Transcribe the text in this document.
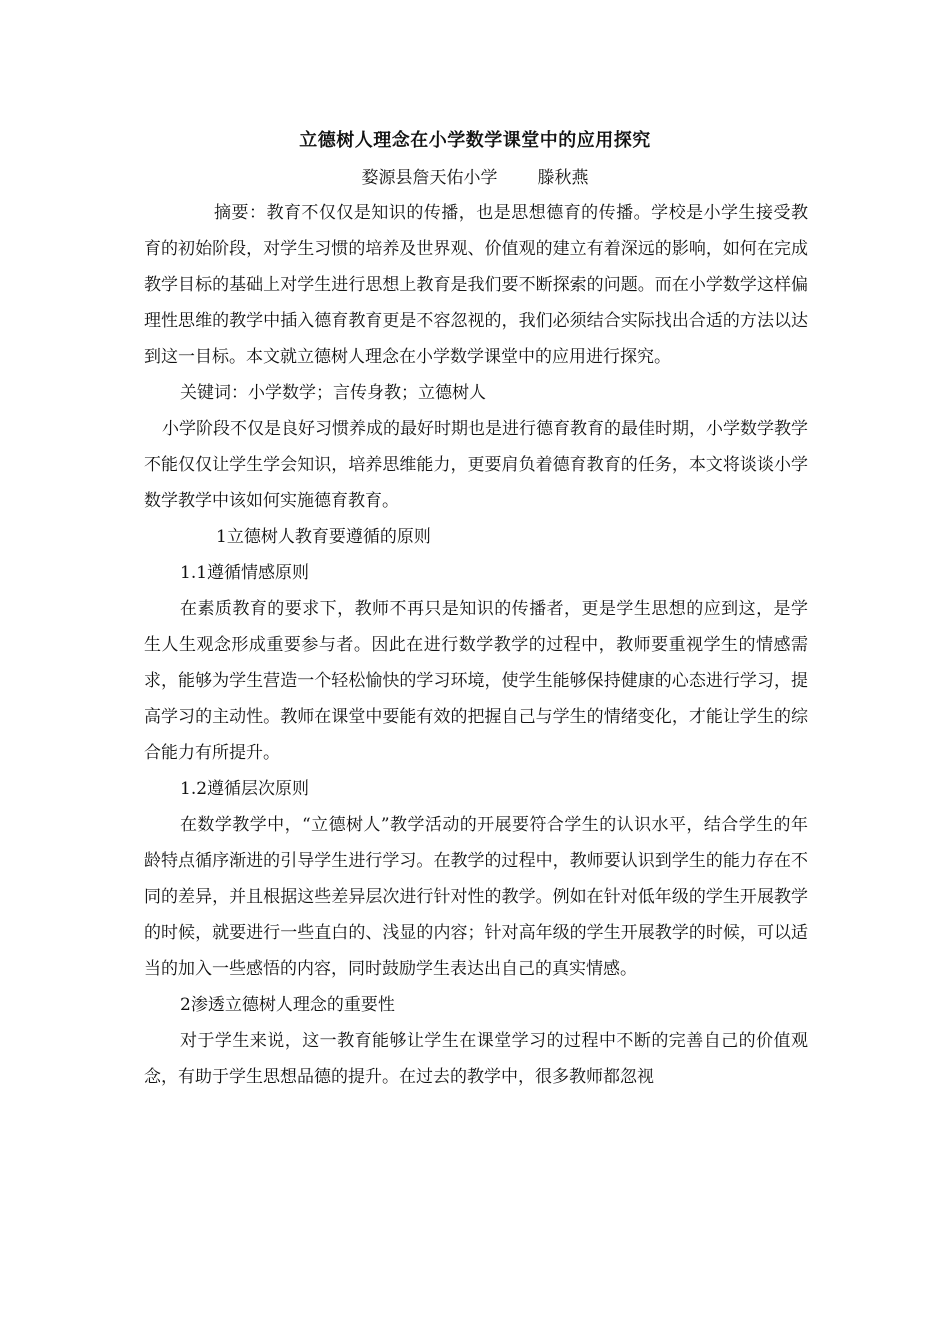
立德树人理念在小学数学课堂中的应用探究
婺源县詹天佑小学 滕秋燕

摘要：教育不仅仅是知识的传播，也是思想德育的传播。学校是小学生接受教育的初始阶段，对学生习惯的培养及世界观、价值观的建立有着深远的影响，如何在完成教学目标的基础上对学生进行思想上教育是我们要不断探索的问题。而在小学数学这样偏理性思维的教学中插入德育教育更是不容忽视的，我们必须结合实际找出合适的方法以达到这一目标。本文就立德树人理念在小学数学课堂中的应用进行探究。

关键词：小学数学；言传身教；立德树人

小学阶段不仅是良好习惯养成的最好时期也是进行德育教育的最佳时期，小学数学教学不能仅仅让学生学会知识，培养思维能力，更要肩负着德育教育的任务，本文将谈谈小学数学教学中该如何实施德育教育。

1立德树人教育要遵循的原则

1.1遵循情感原则

在素质教育的要求下，教师不再只是知识的传播者，更是学生思想的应到这，是学生人生观念形成重要参与者。因此在进行数学教学的过程中，教师要重视学生的情感需求，能够为学生营造一个轻松愉快的学习环境，使学生能够保持健康的心态进行学习，提高学习的主动性。教师在课堂中要能有效的把握自己与学生的情绪变化，才能让学生的综合能力有所提升。

1.2遵循层次原则

在数学教学中，“立德树人”教学活动的开展要符合学生的认识水平，结合学生的年龄特点循序渐进的引导学生进行学习。在教学的过程中，教师要认识到学生的能力存在不同的差异，并且根据这些差异层次进行针对性的教学。例如在针对低年级的学生开展教学的时候，就要进行一些直白的、浅显的内容；针对高年级的学生开展教学的时候，可以适当的加入一些感悟的内容，同时鼓励学生表达出自己的真实情感。

2渗透立德树人理念的重要性

对于学生来说，这一教育能够让学生在课堂学习的过程中不断的完善自己的价值观念，有助于学生思想品德的提升。在过去的教学中，很多教师都忽视
